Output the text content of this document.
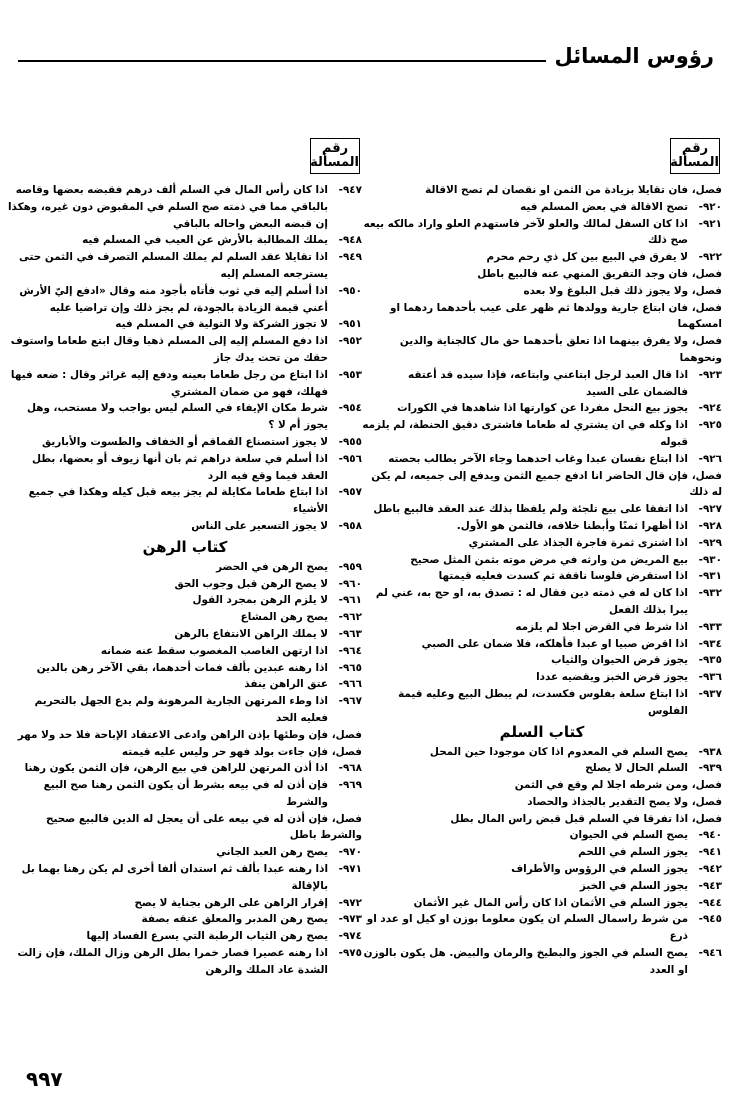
رؤوس المسائل
رقم
المسألة
فصل، فان تقايلا بزيادة من الثمن او نقصان لم تصح الاقالة
٩٢٠-
تصح الاقالة في بعض المسلم فيه
٩٢١-
اذا كان السفل لمالك والعلو لآخر فاستهدم العلو واراد مالكه بيعه صح ذلك
٩٢٢-
لا يفرق في البيع بين كل ذي رحم محرم
فصل، فان وجد التفريق المنهي عنه فالبيع باطل
فصل، ولا يجوز ذلك قبل البلوغ ولا بعده
فصل، فان ابتاع جارية وولدها ثم ظهر على عيب بأحدهما ردهما او امسكهما
فصل، ولا يفرق بينهما اذا تعلق بأحدهما حق مال كالجناية والدين ونحوهما
٩٢٣-
اذا قال العبد لرجل ابتاعني وابتاعه، فإذا سيده قد أعتقه فالضمان على السيد
٩٢٤-
يجوز بيع النحل مفردا عن كوارتها اذا شاهدها في الكورات
٩٢٥-
اذا وكله في ان يشتري له طعاما فاشترى دقيق الحنطة، لم يلزمه قبوله
٩٢٦-
اذا ابتاع نفسان عبدا وغاب احدهما وجاء الآخر يطالب بحصته
فصل، فإن قال الحاضر انا ادفع جميع الثمن ويدفع إلى جميعه، لم يكن له ذلك
٩٢٧-
اذا اتفقا على بيع تلجئة ولم يلفظا بذلك عند العقد فالبيع باطل
٩٢٨-
اذا أظهرا ثمنًا وأبطنا خلافه، فالثمن هو الأول.
٩٢٩-
اذا اشترى ثمرة فاجرة الجذاذ على المشتري
٩٣٠-
بيع المريض من وارثه في مرض موته بثمن المثل صحيح
٩٣١-
اذا استقرض فلوسا ناقفة ثم كسدت فعليه قيمتها
٩٣٢-
اذا كان له في ذمته دين فقال له : تصدق به، او حج به، عني لم يبرا بذلك الفعل
٩٣٣-
اذا شرط في القرض اجلا لم يلزمه
٩٣٤-
اذا اقرض صبيا او عبدا فأهلكه، فلا ضمان على الصبي
٩٣٥-
يجوز قرض الحيوان والثياب
٩٣٦-
يجوز قرض الخبز ويقضيه عددا
٩٣٧-
اذا ابتاع سلعة بفلوس فكسدت، لم يبطل البيع وعليه قيمة الفلوس
كتاب السلم
٩٣٨-
يصح السلم في المعدوم اذا كان موجودا حين المحل
٩٣٩-
السلم الحال لا يصلح
فصل، ومن شرطه اجلا لم وقع في الثمن
فصل، ولا يصح التقدير بالجذاذ والحصاد
فصل، اذا تفرقا في السلم قبل قبض راس المال بطل
٩٤٠-
يصح السلم في الحيوان
٩٤١-
يجوز السلم في اللحم
٩٤٢-
يجوز السلم في الرؤوس والأطراف
٩٤٣-
يجوز السلم في الخبز
٩٤٤-
يجوز السلم في الأثمان اذا كان رأس المال غير الأثمان
٩٤٥-
من شرط راسمال السلم ان يكون معلوما بوزن او كيل او عدد او ذرع
٩٤٦-
يصح السلم في الجوز والبطيخ والرمان والبيض. هل يكون بالوزن او العدد
رقم
المسألة
٩٤٧-
اذا كان رأس المال في السلم ألف درهم فقبضه بعضها وقاصه بالباقي مما في ذمته صح السلم في المقبوض دون غيره، وهكذا إن قبضه البعض واحاله بالباقي
٩٤٨-
يملك المطالبة بالأرش عن العيب في المسلم فيه
٩٤٩-
اذا تقايلا عقد السلم لم يملك المسلم التصرف في الثمن حتى يسترجعه المسلم إليه
٩٥٠-
اذا أسلم إليه في ثوب فأتاه بأجود منه وقال «ادفع إليّ الأرش أعني قيمة الزيادة بالجودة، لم يجز ذلك وإن تراضيا عليه
٩٥١-
لا تجوز الشركة ولا التولية في المسلم فيه
٩٥٢-
اذا دفع المسلم إليه إلى المسلم ذهبا وقال ابتع طعاما واستوف حقك من تحت يدك جاز
٩٥٣-
اذا ابتاع من رجل طعاما بعينه ودفع إليه غرائر وقال : ضعه فيها فهلك، فهو من ضمان المشتري
٩٥٤-
شرط مكان الإيفاء في السلم ليس بواجب ولا مستحب، وهل يجوز أم لا ؟
٩٥٥-
لا يجوز استصناع القماقم أو الخفاف والطسوت والأباريق
٩٥٦-
اذا أسلم في سلعة دراهم ثم بان أنها زيوف أو بعضها، بطل العقد فيما وقع فيه الرد
٩٥٧-
اذا ابتاع طعاما مكايلة لم يجز بيعه قبل كيله وهكذا في جميع الأشياء
٩٥٨-
لا يجوز التسعير على الناس
كتاب الرهن
٩٥٩-
يصح الرهن في الحضر
٩٦٠-
لا يصح الرهن قبل وجوب الحق
٩٦١-
لا يلزم الرهن بمجرد القول
٩٦٢-
يصح رهن المشاع
٩٦٣-
لا يملك الراهن الانتفاع بالرهن
٩٦٤-
اذا ارتهن الغاصب المغصوب سقط عنه ضمانه
٩٦٥-
اذا رهنه عبدين بألف فمات أحدهما، بقي الآخر رهن بالدين
٩٦٦-
عتق الراهن ينفذ
٩٦٧-
اذا وطء المرتهن الجارية المرهونة ولم يدع الجهل بالتحريم فعليه الحد
فصل، فإن وطئها بإذن الراهن وادعى الاعتقاد الإباحة فلا حد ولا مهر
فصل، فإن جاءت بولد فهو حر وليس عليه قيمته
٩٦٨-
اذا أذن المرتهن للراهن في بيع الرهن، فإن الثمن يكون رهنا
٩٦٩-
فإن أذن له في بيعه بشرط أن يكون الثمن رهنا صح البيع والشرط
فصل، فإن أذن له في بيعه على أن يعجل له الدين فالبيع صحيح والشرط باطل
٩٧٠-
يصح رهن العبد الجاني
٩٧١-
اذا رهنه عبدا بألف ثم استدان ألفا أخرى لم يكن رهنا بهما بل بالإقالة
٩٧٢-
إقرار الراهن على الرهن بجناية لا يصح
٩٧٣-
يصح رهن المدبر والمعلق عتقه بصفة
٩٧٤-
يصح رهن الثياب الرطبة التي يسرع الفساد إليها
٩٧٥-
اذا رهنه عصيرا فصار خمرا بطل الرهن وزال الملك، فإن زالت الشدة عاد الملك والرهن
٩٩٧
